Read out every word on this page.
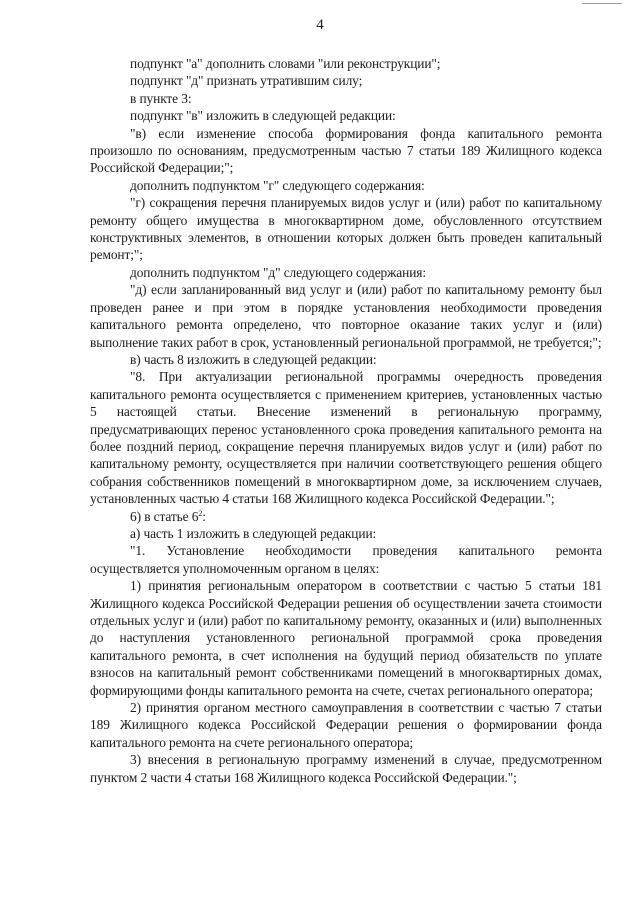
4

подпункт "а" дополнить словами "или реконструкции";

подпункт "д" признать утратившим силу;

в пункте 3:

подпункт "в" изложить в следующей редакции:

"в) если изменение способа формирования фонда капитального ремонта произошло по основаниям, предусмотренным частью 7 статьи 189 Жилищного кодекса Российской Федерации;";

дополнить подпунктом "г" следующего содержания:

"г) сокращения перечня планируемых видов услуг и (или) работ по капитальному ремонту общего имущества в многоквартирном доме, обусловленного отсутствием конструктивных элементов, в отношении которых должен быть проведен капитальный ремонт;";

дополнить подпунктом "д" следующего содержания:

"д) если запланированный вид услуг и (или) работ по капитальному ремонту был проведен ранее и при этом в порядке установления необходимости проведения капитального ремонта определено, что повторное оказание таких услуг и (или) выполнение таких работ в срок, установленный региональной программой, не требуется;";

в) часть 8 изложить в следующей редакции:

"8. При актуализации региональной программы очередность проведения капитального ремонта осуществляется с применением критериев, установленных частью 5 настоящей статьи. Внесение изменений в региональную программу, предусматривающих перенос установленного срока проведения капитального ремонта на более поздний период, сокращение перечня планируемых видов услуг и (или) работ по капитальному ремонту, осуществляется при наличии соответствующего решения общего собрания собственников помещений в многоквартирном доме, за исключением случаев, установленных частью 4 статьи 168 Жилищного кодекса Российской Федерации.";

6) в статье $6^2$:

а) часть 1 изложить в следующей редакции:

"1. Установление необходимости проведения капитального ремонта осуществляется уполномоченным органом в целях:

1) принятия региональным оператором в соответствии с частью 5 статьи 181 Жилищного кодекса Российской Федерации решения об осуществлении зачета стоимости отдельных услуг и (или) работ по капитальному ремонту, оказанных и (или) выполненных до наступления установленного региональной программой срока проведения капитального ремонта, в счет исполнения на будущий период обязательств по уплате взносов на капитальный ремонт собственниками помещений в многоквартирных домах, формирующими фонды капитального ремонта на счете, счетах регионального оператора;

2) принятия органом местного самоуправления в соответствии с частью 7 статьи 189 Жилищного кодекса Российской Федерации решения о формировании фонда капитального ремонта на счете регионального оператора;

3) внесения в региональную программу изменений в случае, предусмотренном пунктом 2 части 4 статьи 168 Жилищного кодекса Российской Федерации.";
